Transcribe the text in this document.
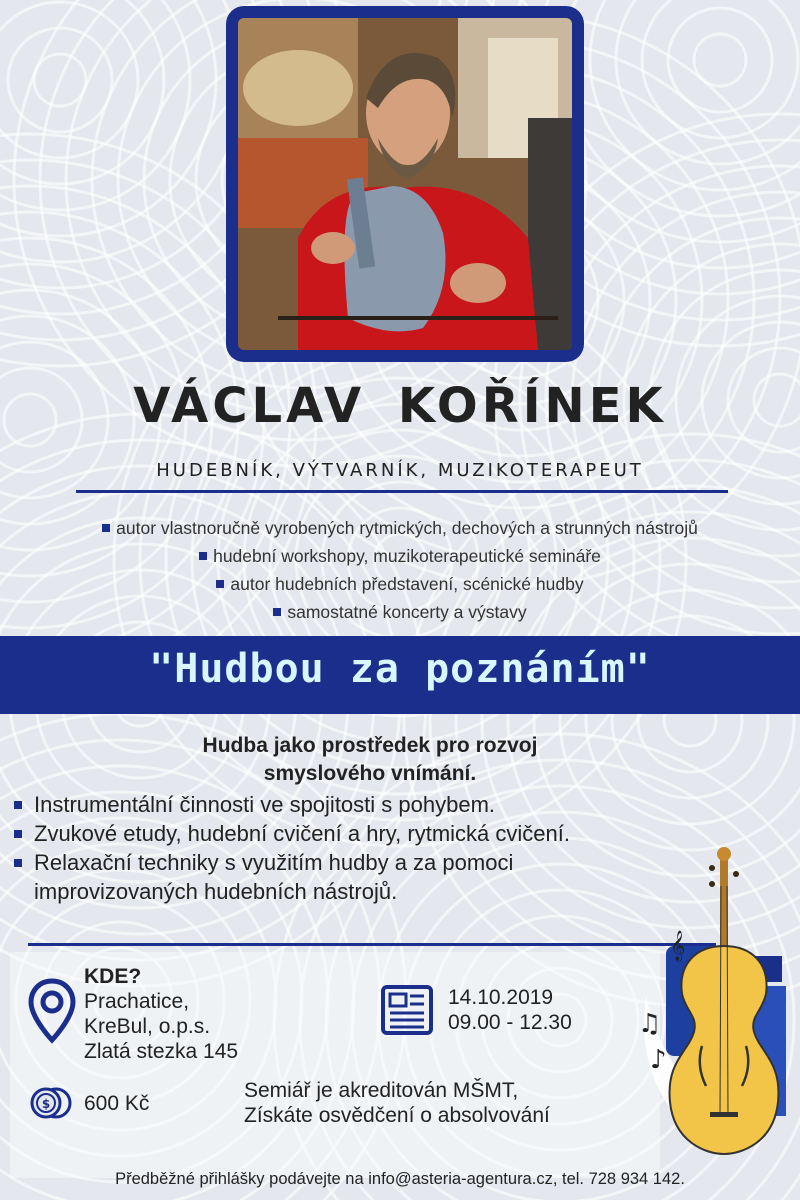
VÁCLAV KOŘÍNEK
HUDEBNÍK, VÝTVARNÍK, MUZIKOTERAPEUT
autor vlastnoručně vyrobených rytmických, dechových a strunných nástrojů
hudební workshopy, muzikoterapeutické semináře
autor hudebních představení, scénické hudby
samostatné koncerty a výstavy
"Hudbou za poznáním"
Hudba jako prostředek pro rozvoj
smyslového vnímání.
Instrumentální činnosti ve spojitosti s pohybem.
Zvukové etudy, hudební cvičení a hry, rytmická cvičení.
Relaxační techniky s využitím hudby a za pomoci
improvizovaných hudebních nástrojů.
KDE?
Prachatice,
KreBul, o.p.s.
Zlatá stezka 145
14.10.2019
09.00 - 12.30
$ 600 Kč
Semiář je akreditován MŠMT,
Získáte osvědčení o absolvování
𝄞
♫
♪
Předběžné přihlášky podávejte na info@asteria-agentura.cz, tel. 728 934 142.
